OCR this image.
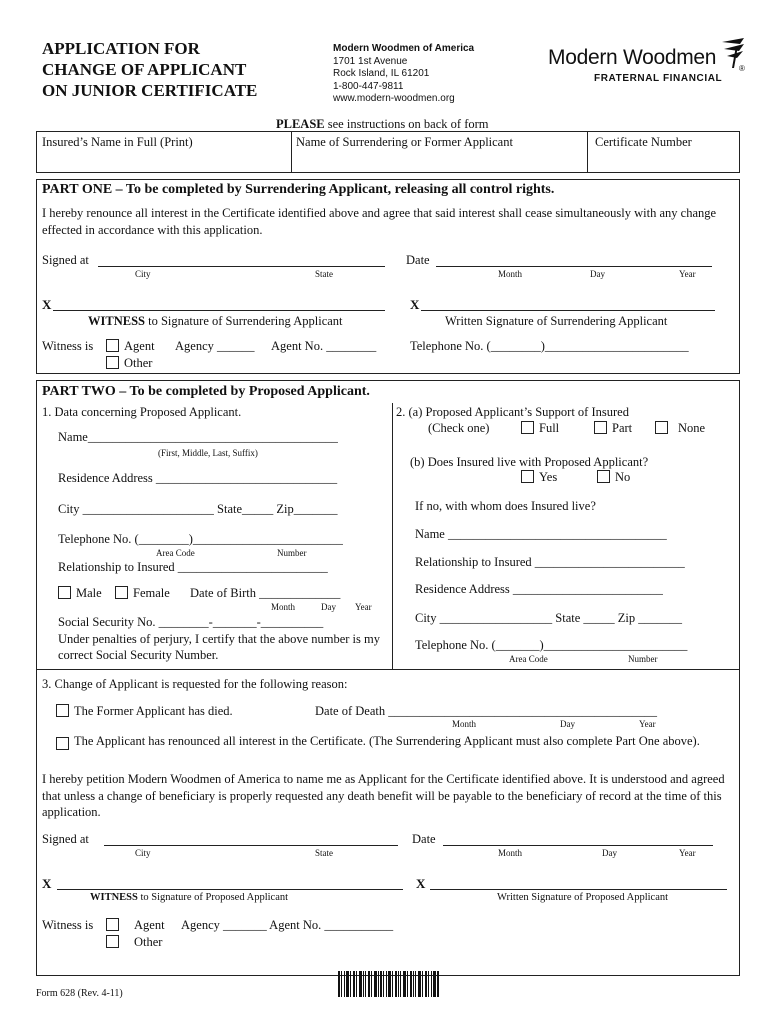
APPLICATION FOR
CHANGE OF APPLICANT
ON JUNIOR CERTIFICATE
Modern Woodmen of America
1701 1st Avenue
Rock Island, IL 61201
1-800-447-9811
www.modern-woodmen.org
Modern Woodmen
FRATERNAL FINANCIAL
®
PLEASE see instructions on back of form
Insured’s Name in Full (Print)	Name of Surrendering or Former Applicant	Certificate Number
PART ONE – To be completed by Surrendering Applicant, releasing all control rights.
I hereby renounce all interest in the Certificate identified above and agree that said interest shall cease simultaneously with any change effected in accordance with this application.
Signed at
City	State
Date
Month	Day	Year
X
WITNESS to Signature of Surrendering Applicant
X
Written Signature of Surrendering Applicant
Witness is	Agent Agency ______ Agent No. ________
Other
Telephone No. (________)_______________________
PART TWO – To be completed by Proposed Applicant.
1. Data concerning Proposed Applicant.
Name________________________________________
(First, Middle, Last, Suffix)
Residence Address _____________________________
City _____________________ State_____ Zip_______
Telephone No. (________)________________________
Area Code	Number
Relationship to Insured ________________________
Male	Female Date of Birth _____________
Month	Day Year
Social Security No. ________-_______-__________
Under penalties of perjury, I certify that the above number is my correct Social Security Number.
2. (a) Proposed Applicant’s Support of Insured
(Check one)	Full	Part	None
(b) Does Insured live with Proposed Applicant?
Yes	No
If no, with whom does Insured live?
Name ___________________________________
Relationship to Insured ________________________
Residence Address ________________________
City __________________ State _____ Zip _______
Telephone No. (_______)_______________________
Area Code	Number
3. Change of Applicant is requested for the following reason:
The Former Applicant has died.	Date of Death ___________________________________________
Month	Day	Year
The Applicant has renounced all interest in the Certificate. (The Surrendering Applicant must also complete Part One above).
I hereby petition Modern Woodmen of America to name me as Applicant for the Certificate identified above. It is understood and agreed that unless a change of beneficiary is properly requested any death benefit will be payable to the beneficiary of record at the time of this application.
Signed at
City	State
Date
Month	Day	Year
X
WITNESS to Signature of Proposed Applicant
X
Written Signature of Proposed Applicant
Witness is	Agent Agency _______ Agent No. ___________
Other
Form 628 (Rev. 4-11)
